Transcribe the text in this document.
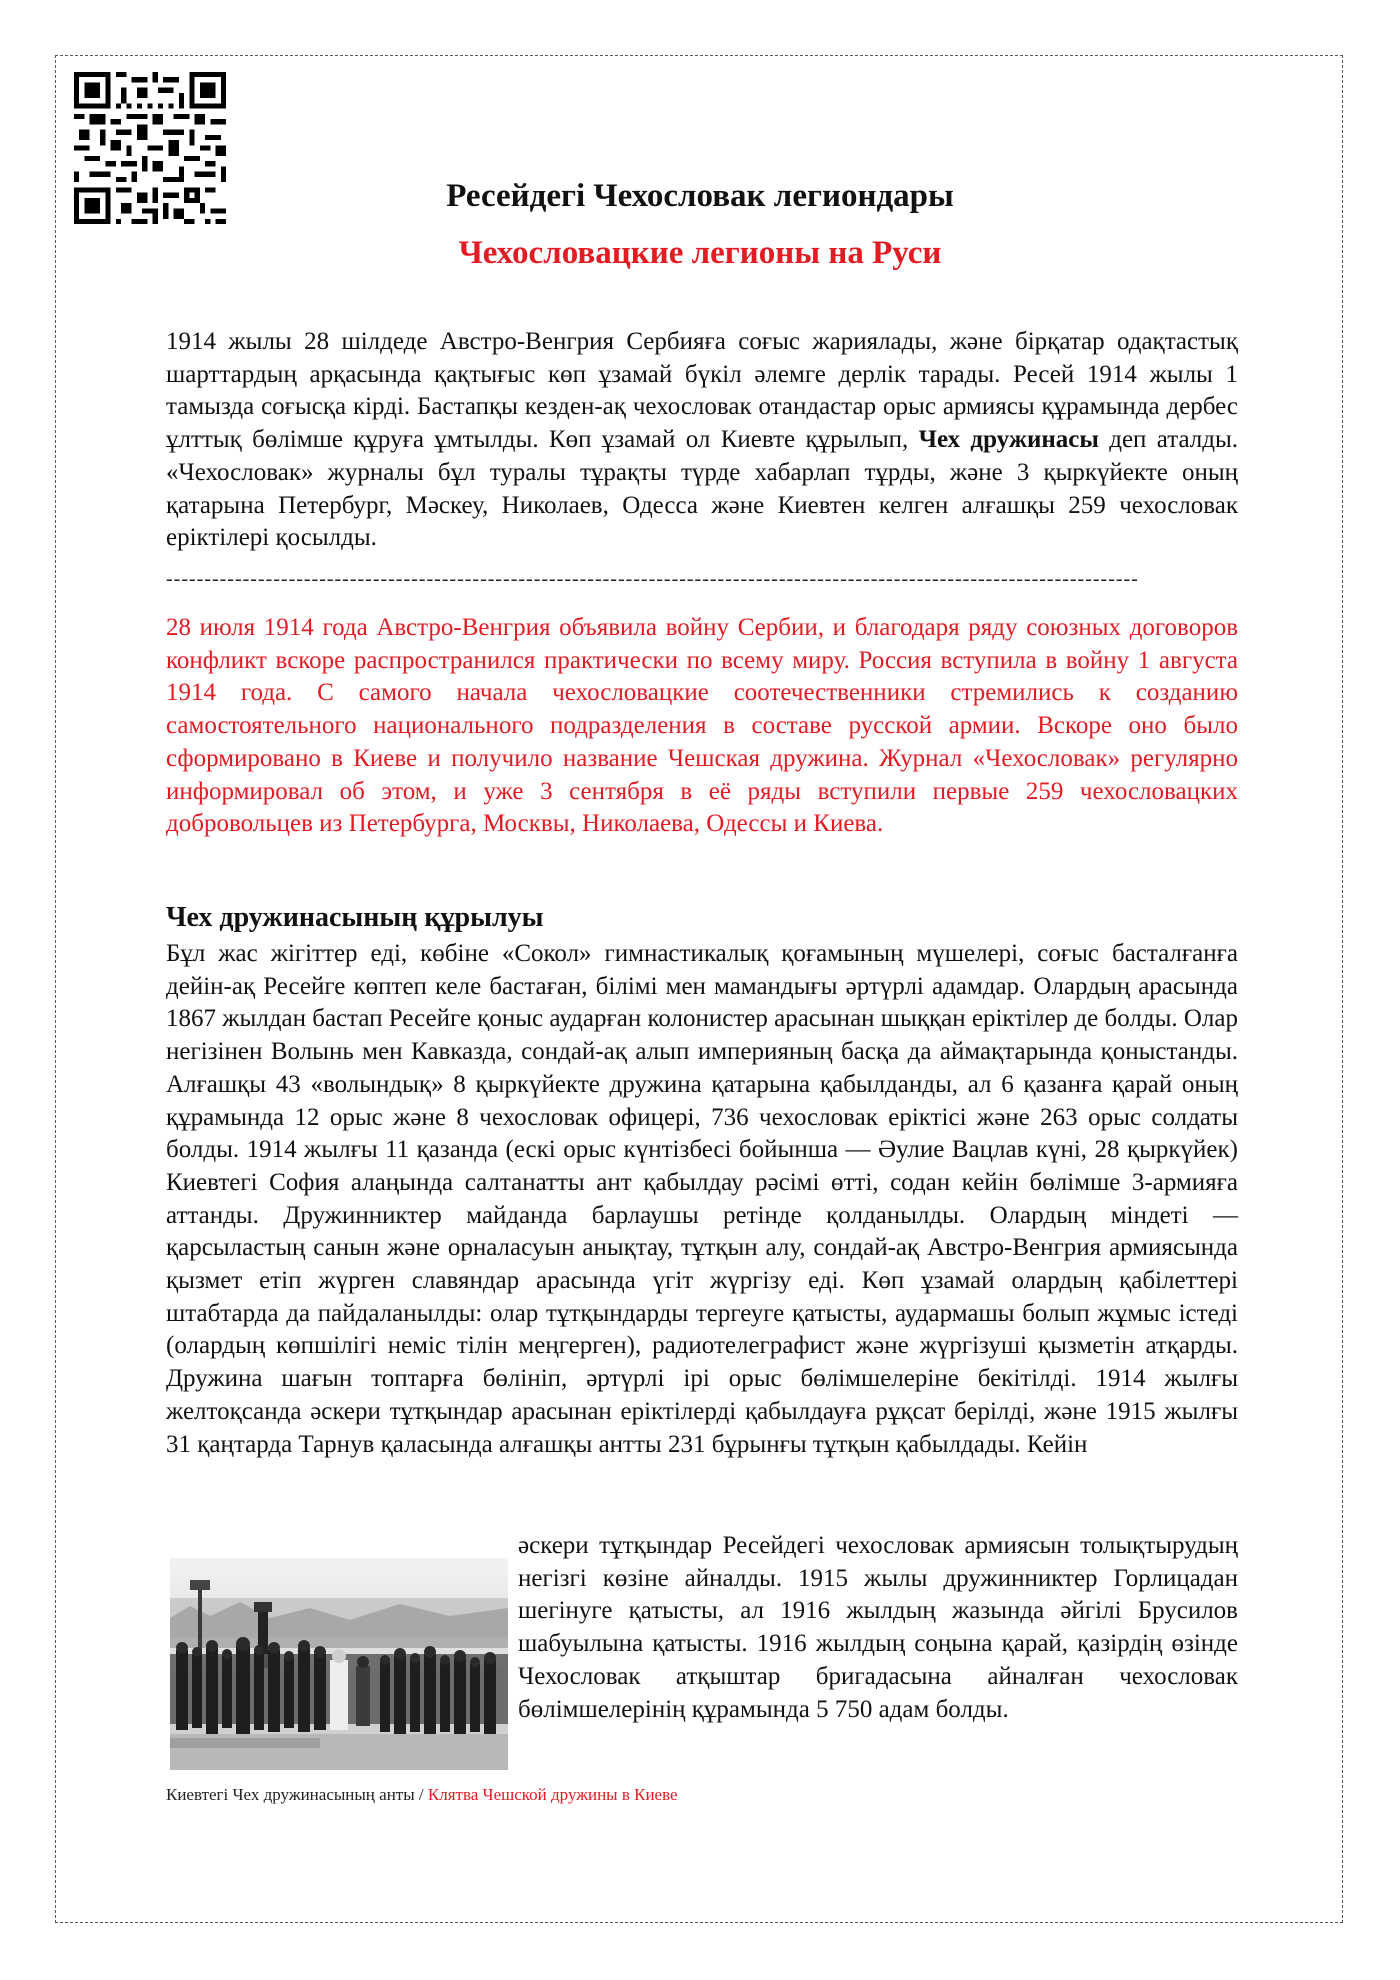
Ресейдегі Чехословак легиондары
Чехословацкие легионы на Руси

1914 жылы 28 шілдеде Австро-Венгрия Сербияға соғыс жариялады, және бірқатар одақтастық шарттардың арқасында қақтығыс көп ұзамай бүкіл әлемге дерлік тарады. Ресей 1914 жылы 1 тамызда соғысқа кірді. Бастапқы кезден-ақ чехословак отандастар орыс армиясы құрамында дербес ұлттық бөлімше құруға ұмтылды. Көп ұзамай ол Киевте құрылып, Чех дружинасы деп аталды. «Чехословак» журналы бұл туралы тұрақты түрде хабарлап тұрды, және 3 қыркүйекте оның қатарына Петербург, Мәскеу, Николаев, Одесса және Киевтен келген алғашқы 259 чехословак еріктілері қосылды.

-------------------------------------------------------------------------------------------------------------------------------

28 июля 1914 года Австро-Венгрия объявила войну Сербии, и благодаря ряду союзных договоров конфликт вскоре распространился практически по всему миру. Россия вступила в войну 1 августа 1914 года. С самого начала чехословацкие соотечественники стремились к созданию самостоятельного национального подразделения в составе русской армии. Вскоре оно было сформировано в Киеве и получило название Чешская дружина. Журнал «Чехословак» регулярно информировал об этом, и уже 3 сентября в её ряды вступили первые 259 чехословацких добровольцев из Петербурга, Москвы, Николаева, Одессы и Киева.

Чех дружинасының құрылуы

Бұл жас жігіттер еді, көбіне «Сокол» гимнастикалық қоғамының мүшелері, соғыс басталғанға дейін-ақ Ресейге көптеп келе бастаған, білімі мен мамандығы әртүрлі адамдар. Олардың арасында 1867 жылдан бастап Ресейге қоныс аударған колонистер арасынан шыққан еріктілер де болды. Олар негізінен Волынь мен Кавказда, сондай-ақ алып империяның басқа да аймақтарында қоныстанды. Алғашқы 43 «волындық» 8 қыркүйекте дружина қатарына қабылданды, ал 6 қазанға қарай оның құрамында 12 орыс және 8 чехословак офицері, 736 чехословак еріктісі және 263 орыс солдаты болды. 1914 жылғы 11 қазанда (ескі орыс күнтізбесі бойынша — Әулие Вацлав күні, 28 қыркүйек) Киевтегі София алаңында салтанатты ант қабылдау рәсімі өтті, содан кейін бөлімше 3-армияға аттанды. Дружинниктер майданда барлаушы ретінде қолданылды. Олардың міндеті — қарсыластың санын және орналасуын анықтау, тұтқын алу, сондай-ақ Австро-Венгрия армиясында қызмет етіп жүрген славяндар арасында үгіт жүргізу еді. Көп ұзамай олардың қабілеттері штабтарда да пайдаланылды: олар тұтқындарды тергеуге қатысты, аудармашы болып жұмыс істеді (олардың көпшілігі неміс тілін меңгерген), радиотелеграфист және жүргізуші қызметін атқарды. Дружина шағын топтарға бөлініп, әртүрлі ірі орыс бөлімшелеріне бекітілді. 1914 жылғы желтоқсанда әскери тұтқындар арасынан еріктілерді қабылдауға рұқсат берілді, және 1915 жылғы 31 қаңтарда Тарнув қаласында алғашқы антты 231 бұрынғы тұтқын қабылдады. Кейін

әскери тұтқындар Ресейдегі чехословак армиясын толықтырудың негізгі көзіне айналды. 1915 жылы дружинниктер Горлицадан шегінуге қатысты, ал 1916 жылдың жазында әйгілі Брусилов шабуылына қатысты. 1916 жылдың соңына қарай, қазірдің өзінде Чехословак атқыштар бригадасына айналған чехословак бөлімшелерінің құрамында 5 750 адам болды.

Киевтегі Чех дружинасының анты / Клятва Чешской дружины в Киеве
